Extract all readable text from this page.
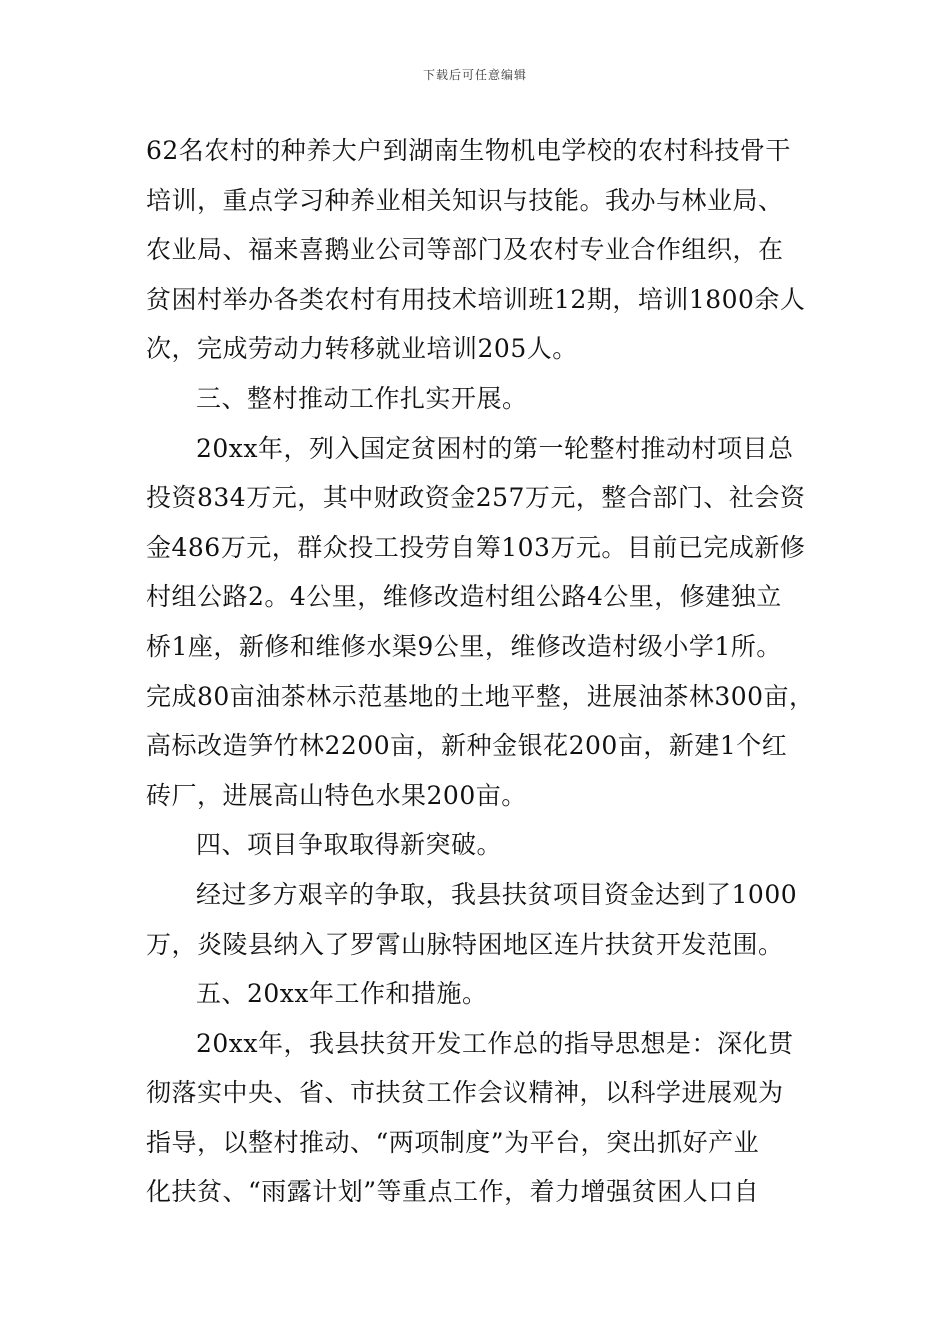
下载后可任意编辑
62名农村的种养大户到湖南生物机电学校的农村科技骨干
培训，重点学习种养业相关知识与技能。我办与林业局、
农业局、福来喜鹅业公司等部门及农村专业合作组织，在
贫困村举办各类农村有用技术培训班12期，培训1800余人
次，完成劳动力转移就业培训205人。
三、整村推动工作扎实开展。
20xx年，列入国定贫困村的第一轮整村推动村项目总
投资834万元，其中财政资金257万元，整合部门、社会资
金486万元，群众投工投劳自筹103万元。目前已完成新修
村组公路2。4公里，维修改造村组公路4公里，修建独立
桥1座，新修和维修水渠9公里，维修改造村级小学1所。
完成80亩油茶林示范基地的土地平整，进展油茶林300亩，
高标改造笋竹林2200亩，新种金银花200亩，新建1个红
砖厂，进展高山特色水果200亩。
四、项目争取取得新突破。
经过多方艰辛的争取，我县扶贫项目资金达到了1000
万，炎陵县纳入了罗霄山脉特困地区连片扶贫开发范围。
五、20xx年工作和措施。
20xx年，我县扶贫开发工作总的指导思想是：深化贯
彻落实中央、省、市扶贫工作会议精神，以科学进展观为
指导，以整村推动、“两项制度”为平台，突出抓好产业
化扶贫、“雨露计划”等重点工作，着力增强贫困人口自
